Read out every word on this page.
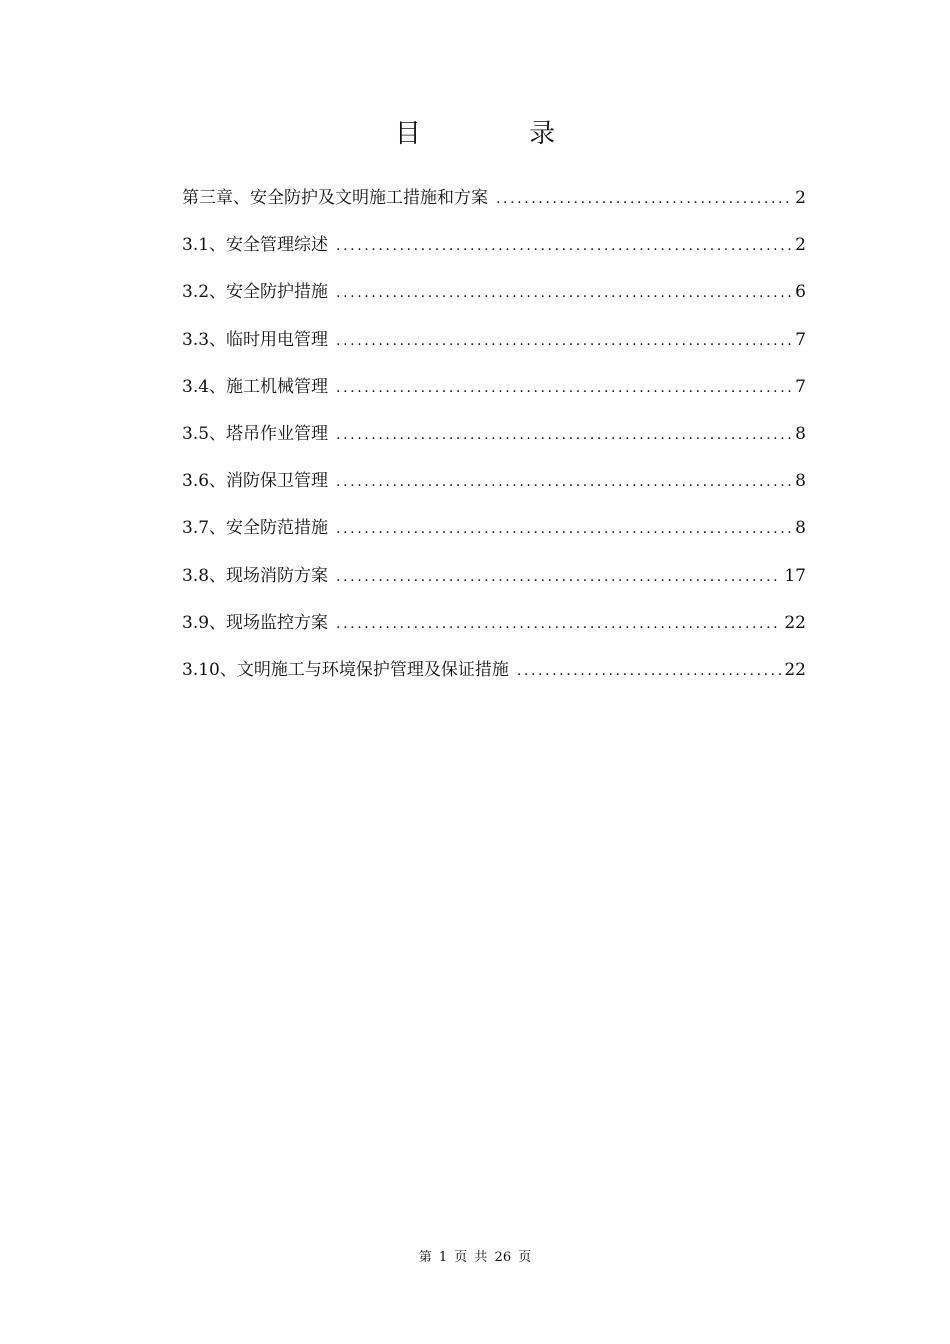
目 录
第三章、安全防护及文明施工措施和方案 .....	2
3.1、安全管理综述 .....	2
3.2、安全防护措施 .....	6
3.3、临时用电管理 .....	7
3.4、施工机械管理 .....	7
3.5、塔吊作业管理 .....	8
3.6、消防保卫管理 .....	8
3.7、安全防范措施 .....	8
3.8、现场消防方案 .....	17
3.9、现场监控方案 .....	22
3.10、文明施工与环境保护管理及保证措施 .....	22
第 1 页 共 26 页
